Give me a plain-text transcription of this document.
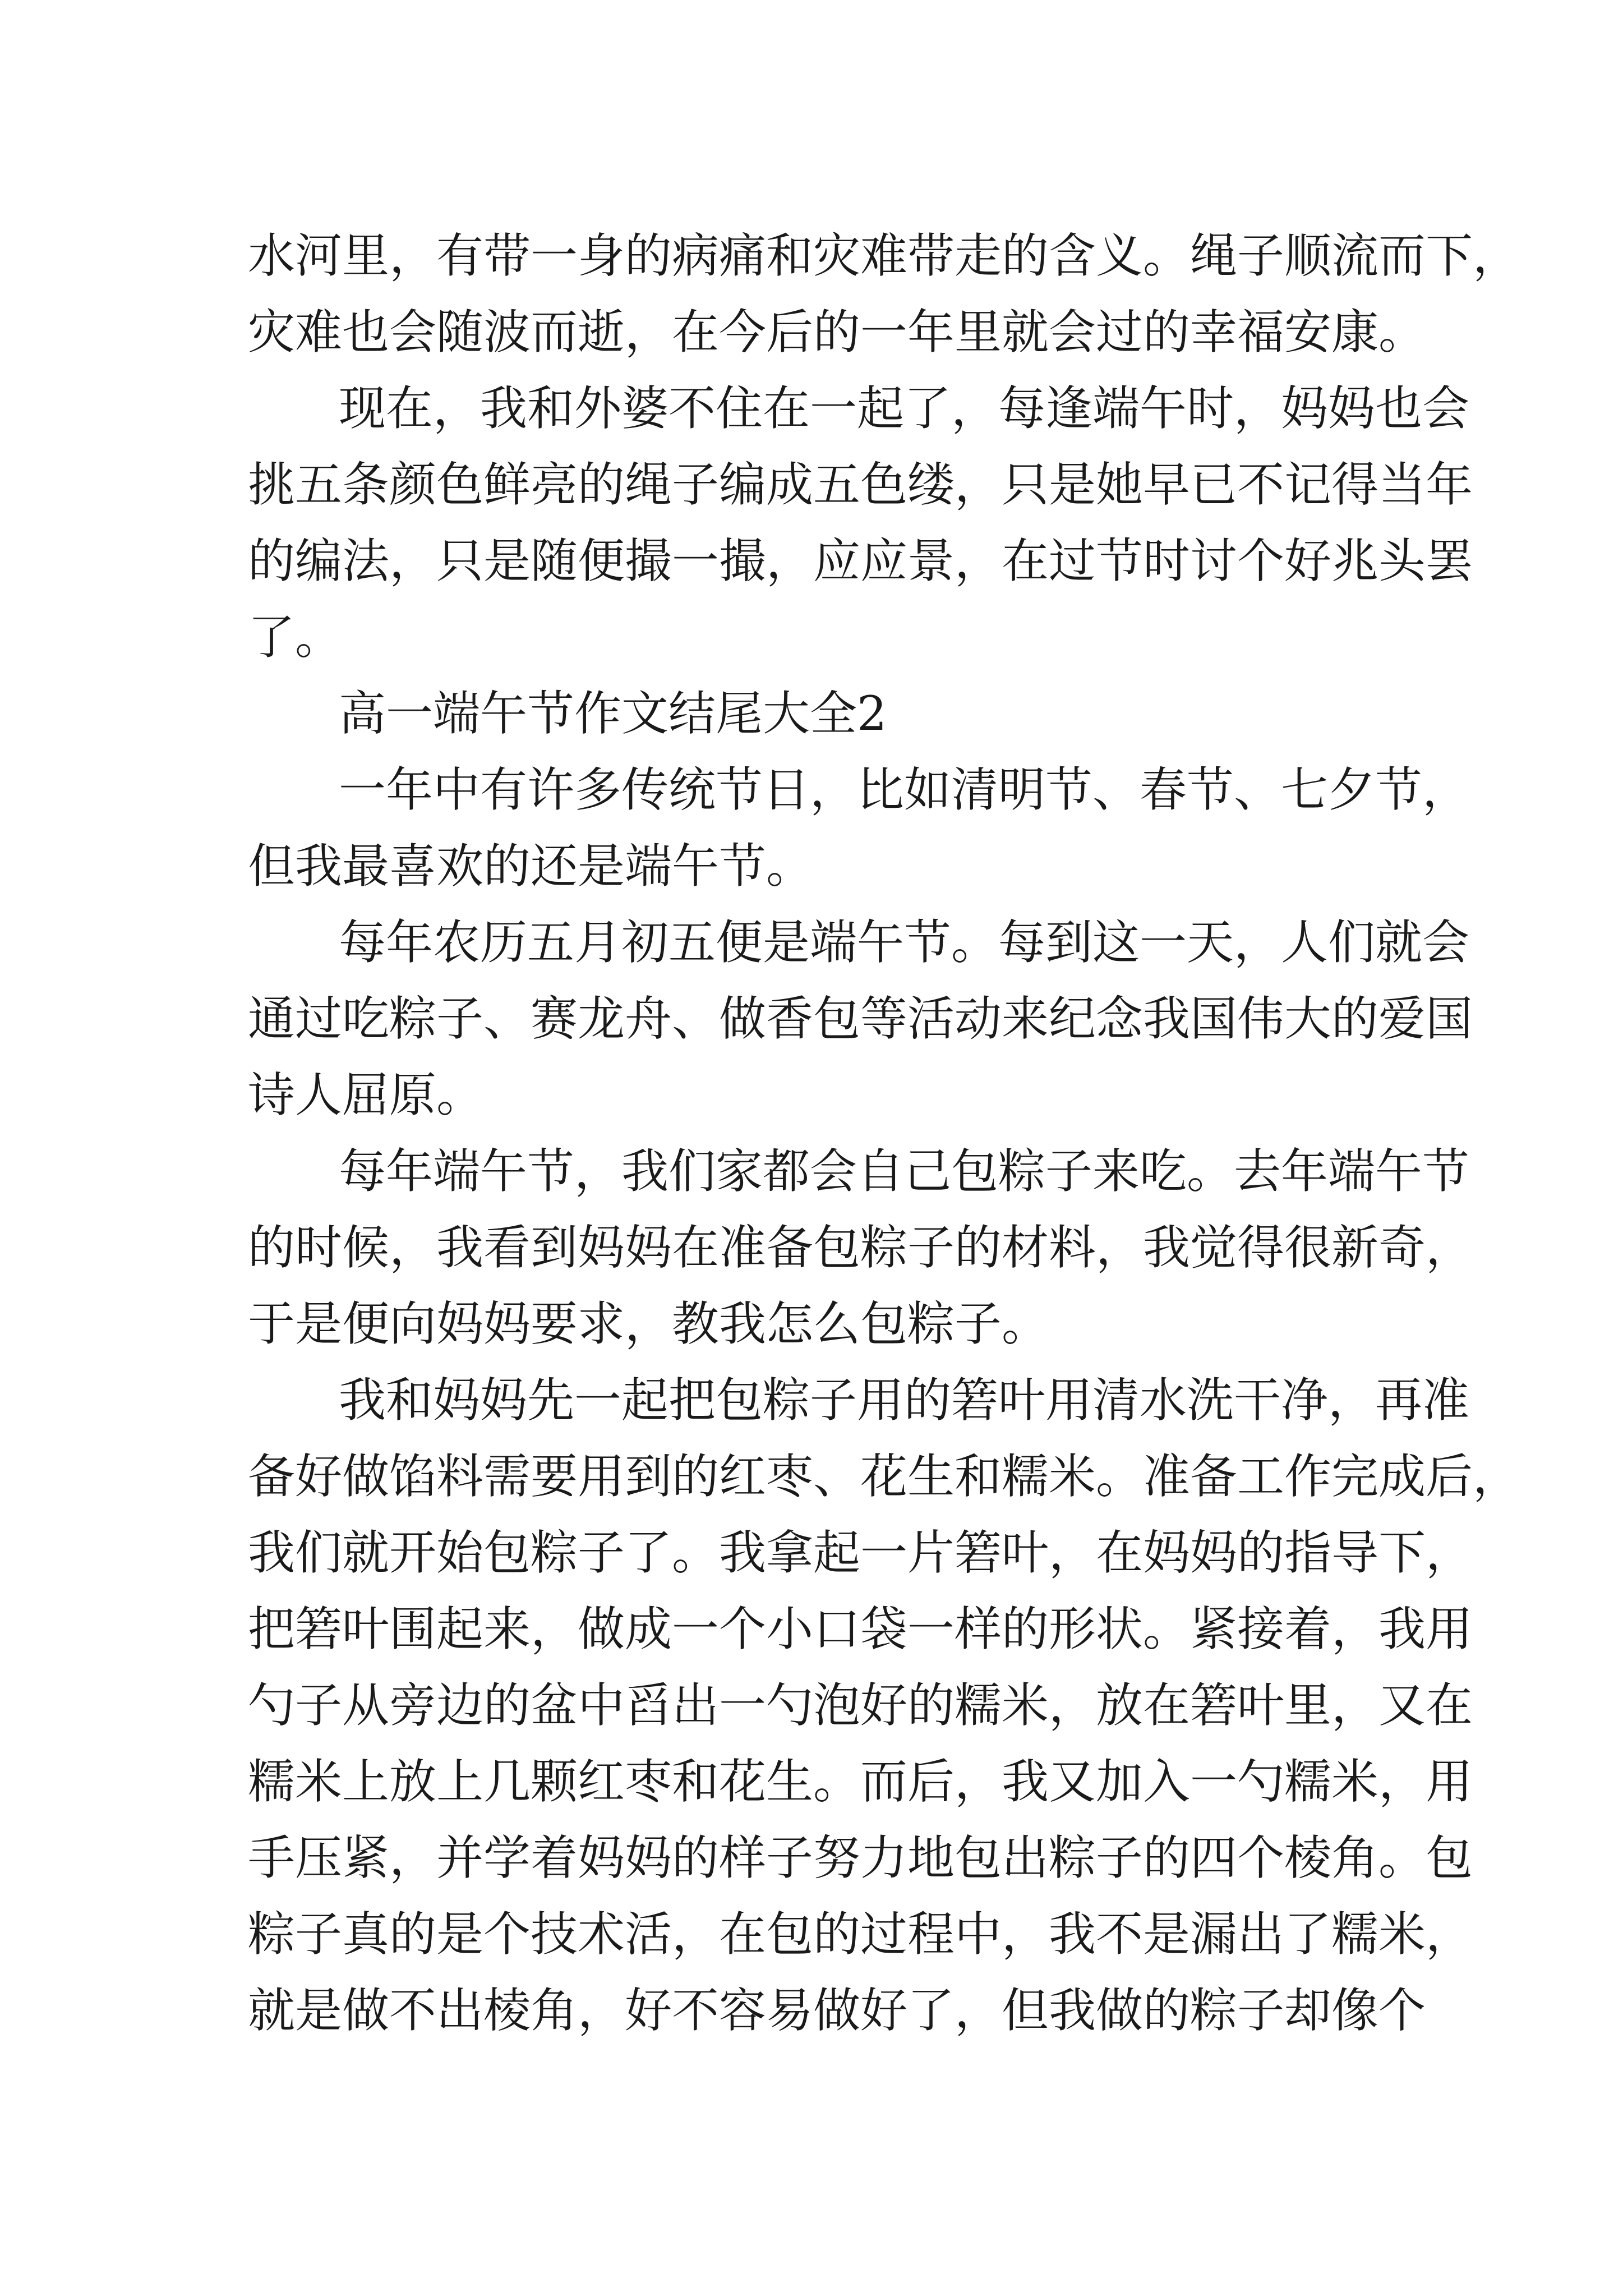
水河里，有带一身的病痛和灾难带走的含义。绳子顺流而下，
灾难也会随波而逝，在今后的一年里就会过的幸福安康。
现在，我和外婆不住在一起了，每逢端午时，妈妈也会
挑五条颜色鲜亮的绳子编成五色缕，只是她早已不记得当年
的编法，只是随便撮一撮，应应景，在过节时讨个好兆头罢
了。
高一端午节作文结尾大全2
一年中有许多传统节日，比如清明节、春节、七夕节，
但我最喜欢的还是端午节。
每年农历五月初五便是端午节。每到这一天，人们就会
通过吃粽子、赛龙舟、做香包等活动来纪念我国伟大的爱国
诗人屈原。
每年端午节，我们家都会自己包粽子来吃。去年端午节
的时候，我看到妈妈在准备包粽子的材料，我觉得很新奇，
于是便向妈妈要求，教我怎么包粽子。
我和妈妈先一起把包粽子用的箬叶用清水洗干净，再准
备好做馅料需要用到的红枣、花生和糯米。准备工作完成后，
我们就开始包粽子了。我拿起一片箬叶，在妈妈的指导下，
把箬叶围起来，做成一个小口袋一样的形状。紧接着，我用
勺子从旁边的盆中舀出一勺泡好的糯米，放在箬叶里，又在
糯米上放上几颗红枣和花生。而后，我又加入一勺糯米，用
手压紧，并学着妈妈的样子努力地包出粽子的四个棱角。包
粽子真的是个技术活，在包的过程中，我不是漏出了糯米，
就是做不出棱角，好不容易做好了，但我做的粽子却像个
